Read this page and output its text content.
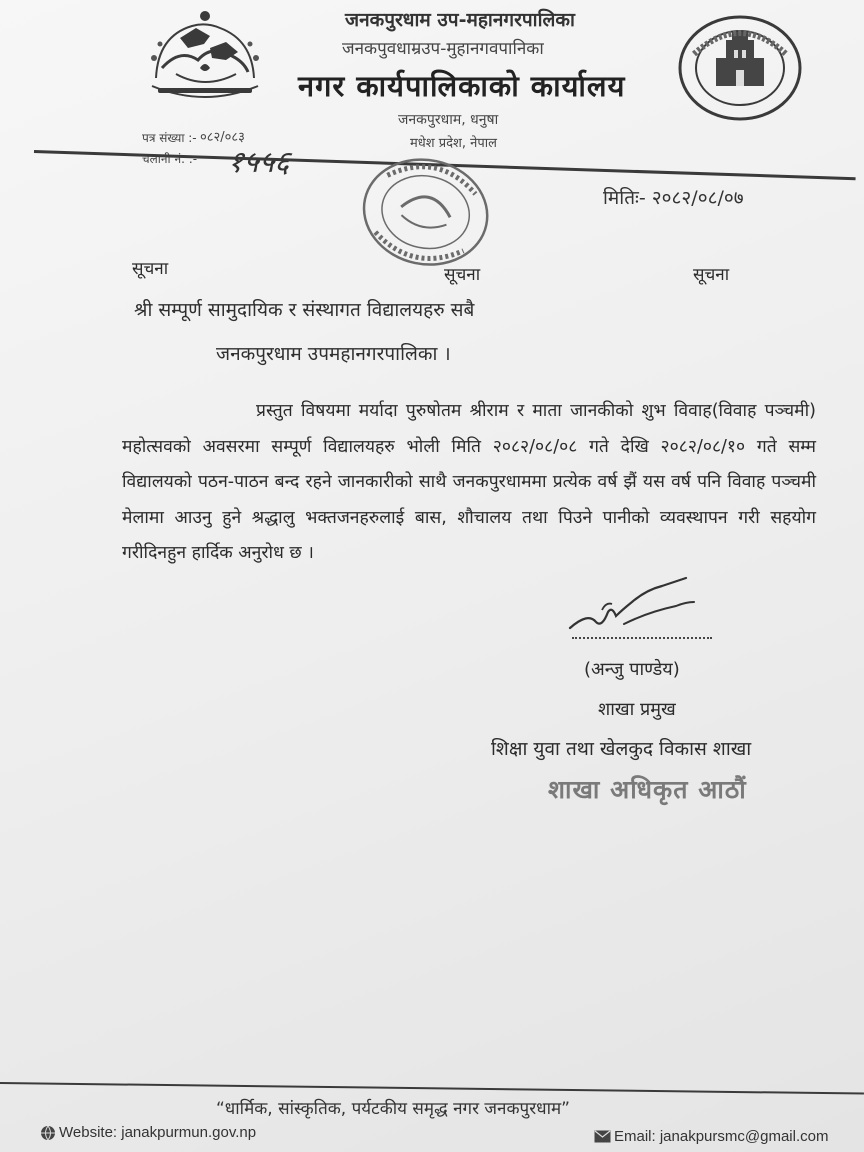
जनकपुरधाम उप-महानगरपालिका
जनकपुवधाम्रउप-मुहानगवपानिका
नगर कार्यपालिकाको कार्यालय
जनकपुरधाम, धनुषा
मधेश प्रदेश, नेपाल
पत्र संख्या :- ०८२/०८३
चलानी नं. :- १५५६
मितिः- २०८२/०८/०७
सूचना	सूचना	सूचना
श्री सम्पूर्ण सामुदायिक र संस्थागत विद्यालयहरु सबै
जनकपुरधाम उपमहानगरपालिका ।
प्रस्तुत विषयमा मर्यादा पुरुषोतम श्रीराम र माता जानकीको शुभ विवाह(विवाह पञ्चमी) महोत्सवको अवसरमा सम्पूर्ण विद्यालयहरु भोली मिति २०८२/०८/०८ गते देखि २०८२/०८/१० गते सम्म विद्यालयको पठन-पाठन बन्द रहने जानकारीको साथै जनकपुरधाममा प्रत्येक वर्ष झैं यस वर्ष पनि विवाह पञ्चमी मेलामा आउनु हुने श्रद्धालु भक्तजनहरुलाई बास, शौचालय तथा पिउने पानीको व्यवस्थापन गरी सहयोग गरीदिनहुन हार्दिक अनुरोध छ ।
(अन्जु पाण्डेय)
शाखा प्रमुख
शिक्षा युवा तथा खेलकुद विकास शाखा
शाखा अधिकृत आठौं
“धार्मिक, सांस्कृतिक, पर्यटकीय समृद्ध नगर जनकपुरधाम”
Website: janakpurmun.gov.np	Email: janakpursmc@gmail.com
